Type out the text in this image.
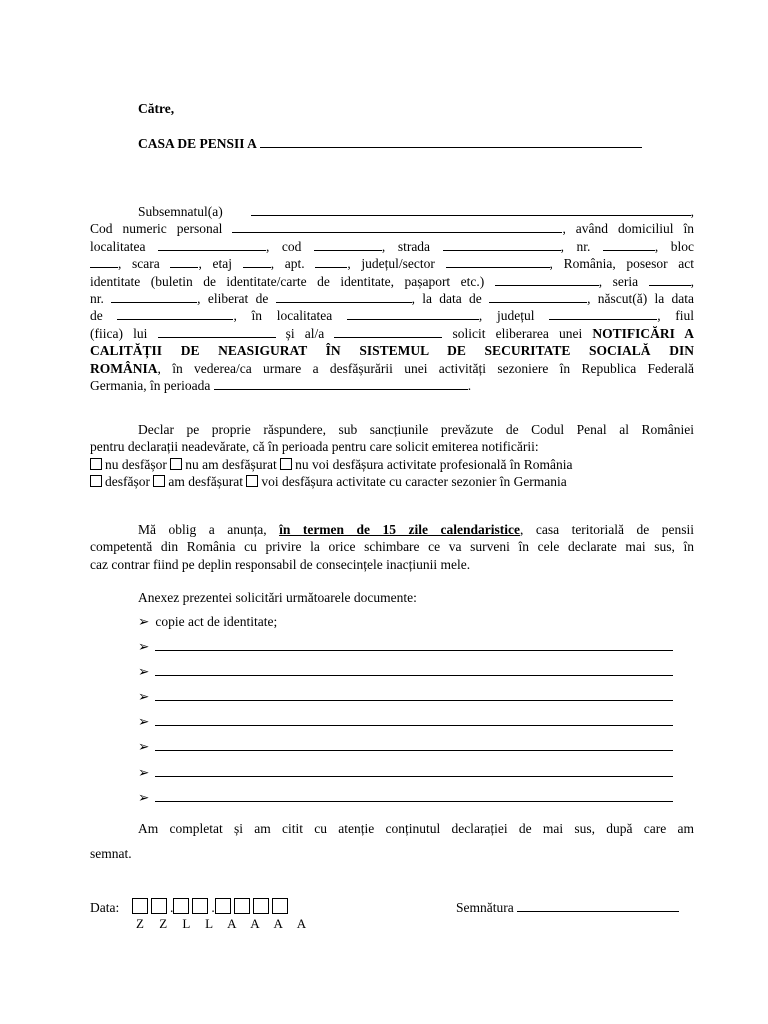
Către,
CASA DE PENSII A
Subsemnatul(a)	,
Cod numeric personal	, având domiciliul în
localitatea	, cod	, strada	, nr.	, bloc
, scara	, etaj	, apt.	, județul/sector	, România, posesor act
identitate (buletin de identitate/carte de identitate, pașaport etc.)	, seria	,
nr.	, eliberat de	, la data de	, născut(ă) la data
de	, în localitatea	, județul	, fiul
(fiica) lui	și al/a	solicit eliberarea unei NOTIFICĂRI A
CALITĂȚII DE NEASIGURAT ÎN SISTEMUL DE SECURITATE SOCIALĂ DIN
ROMÂNIA, în vederea/ca urmare a desfășurării unei activități sezoniere în Republica Federală
Germania, în perioada	.
Declar pe proprie răspundere, sub sancțiunile prevăzute de Codul Penal al României
pentru declarații neadevărate, că în perioada pentru care solicit emiterea notificării:
nu desfășor nu am desfășurat nu voi desfășura activitate profesională în România
desfășor am desfășurat voi desfășura activitate cu caracter sezonier în Germania
Mă oblig a anunța, în termen de 15 zile calendaristice, casa teritorială de pensii
competentă din România cu privire la orice schimbare ce va surveni în cele declarate mai sus, în
caz contrar fiind pe deplin responsabil de consecințele inacțiunii mele.
Anexez prezentei solicitări următoarele documente:
➢ copie act de identitate;
➢
➢
➢
➢
➢
➢
➢
Am completat și am citit cu atenție conținutul declarației de mai sus, după care am
semnat.
Data:	.	.
Z Z L L A A A A
Semnătura
